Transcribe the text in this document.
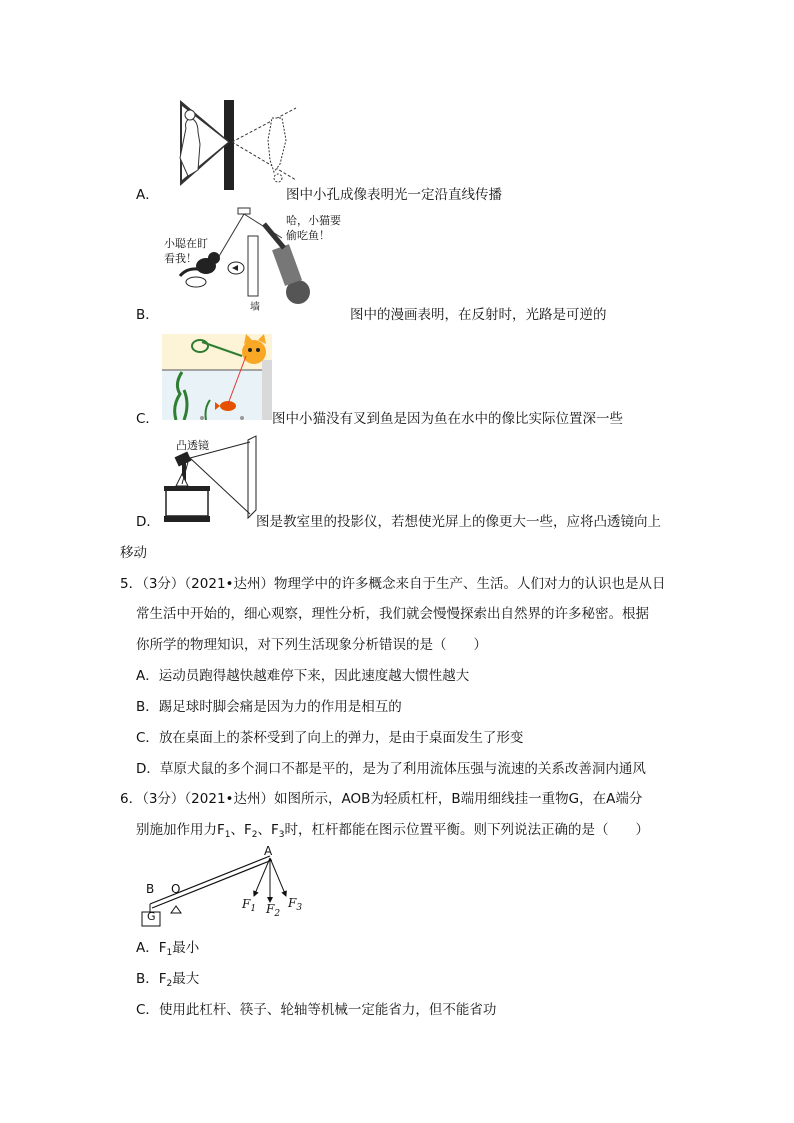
A．	图中小孔成像表明光一定沿直线传播
小聪在盯
看我！
哈，小猫要
偷吃鱼！
墙
B．	图中的漫画表明，在反射时，光路是可逆的
C．	图中小猫没有叉到鱼是因为鱼在水中的像比实际位置深一些
凸透镜
D．	图是教室里的投影仪，若想使光屏上的像更大一些，应将凸透镜向上
移动
5．（3分）（2021•达州）物理学中的许多概念来自于生产、生活。人们对力的认识也是从日
常生活中开始的，细心观察，理性分析，我们就会慢慢探索出自然界的许多秘密。根据
你所学的物理知识，对下列生活现象分析错误的是（　　）
A．运动员跑得越快越难停下来，因此速度越大惯性越大
B．踢足球时脚会痛是因为力的作用是相互的
C．放在桌面上的茶杯受到了向上的弹力，是由于桌面发生了形变
D．草原犬鼠的多个洞口不都是平的，是为了利用流体压强与流速的关系改善洞内通风
6．（3分）（2021•达州）如图所示，AOB为轻质杠杆，B端用细线挂一重物G，在A端分
别施加作用力$F_1$、$F_2$、$F_3$时，杠杆都能在图示位置平衡。则下列说法正确的是（　　）
A
B O
G
$F_1$ $F_2$
$F_3$
A．$F_1$最小
B．$F_2$最大
C．使用此杠杆、筷子、轮轴等机械一定能省力，但不能省功
